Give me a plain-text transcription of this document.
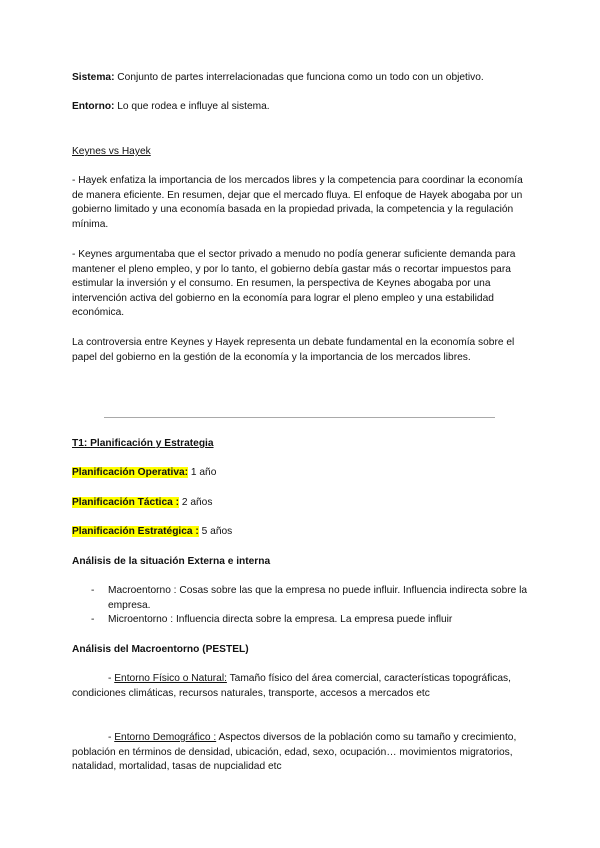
Sistema: Conjunto de partes interrelacionadas que funciona como un todo con un objetivo.

Entorno: Lo que rodea e influye al sistema.

Keynes vs Hayek

- Hayek enfatiza la importancia de los mercados libres y la competencia para coordinar la economía de manera eficiente. En resumen, dejar que el mercado fluya. El enfoque de Hayek abogaba por un gobierno limitado y una economía basada en la propiedad privada, la competencia y la regulación mínima.

- Keynes argumentaba que el sector privado a menudo no podía generar suficiente demanda para mantener el pleno empleo, y por lo tanto, el gobierno debía gastar más o recortar impuestos para estimular la inversión y el consumo. En resumen, la perspectiva de Keynes abogaba por una intervención activa del gobierno en la economía para lograr el pleno empleo y una estabilidad económica.

La controversia entre Keynes y Hayek representa un debate fundamental en la economía sobre el papel del gobierno en la gestión de la economía y la importancia de los mercados libres.

T1: Planificación y Estrategia

Planificación Operativa: 1 año

Planificación Táctica : 2 años

Planificación Estratégica : 5 años

Análisis de la situación Externa e interna

- Macroentorno : Cosas sobre las que la empresa no puede influir. Influencia indirecta sobre la empresa.
- Microentorno : Influencia directa sobre la empresa. La empresa puede influir

Análisis del Macroentorno (PESTEL)

- Entorno Físico o Natural: Tamaño físico del área comercial, características topográficas, condiciones climáticas, recursos naturales, transporte, accesos a mercados etc

- Entorno Demográfico : Aspectos diversos de la población como su tamaño y crecimiento, población en términos de densidad, ubicación, edad, sexo, ocupación… movimientos migratorios, natalidad, mortalidad, tasas de nupcialidad etc
